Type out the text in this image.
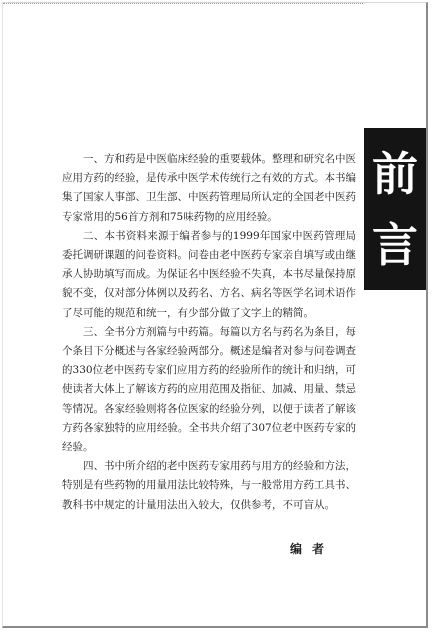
前
言

一、方和药是中医临床经验的重要载体。整理和研究名中医应用方药的经验，是传承中医学术传统行之有效的方式。本书编集了国家人事部、卫生部、中医药管理局所认定的全国老中医药专家常用的56首方剂和75味药物的应用经验。

二、本书资料来源于编者参与的1999年国家中医药管理局委托调研课题的问卷资料。问卷由老中医药专家亲自填写或由继承人协助填写而成。为保证名中医经验不失真，本书尽量保持原貌不变，仅对部分体例以及药名、方名、病名等医学名词术语作了尽可能的规范和统一，有少部分做了文字上的精简。

三、全书分方剂篇与中药篇。每篇以方名与药名为条目，每个条目下分概述与各家经验两部分。概述是编者对参与问卷调查的330位老中医药专家们应用方药的经验所作的统计和归纳，可使读者大体上了解该方药的应用范围及指征、加减、用量、禁忌等情况。各家经验则将各位医家的经验分列，以便于读者了解该方药各家独特的应用经验。全书共介绍了307位老中医药专家的经验。

四、书中所介绍的老中医药专家用药与用方的经验和方法，特别是有些药物的用量用法比较特殊，与一般常用方药工具书、教科书中规定的计量用法出入较大，仅供参考，不可盲从。

编者
